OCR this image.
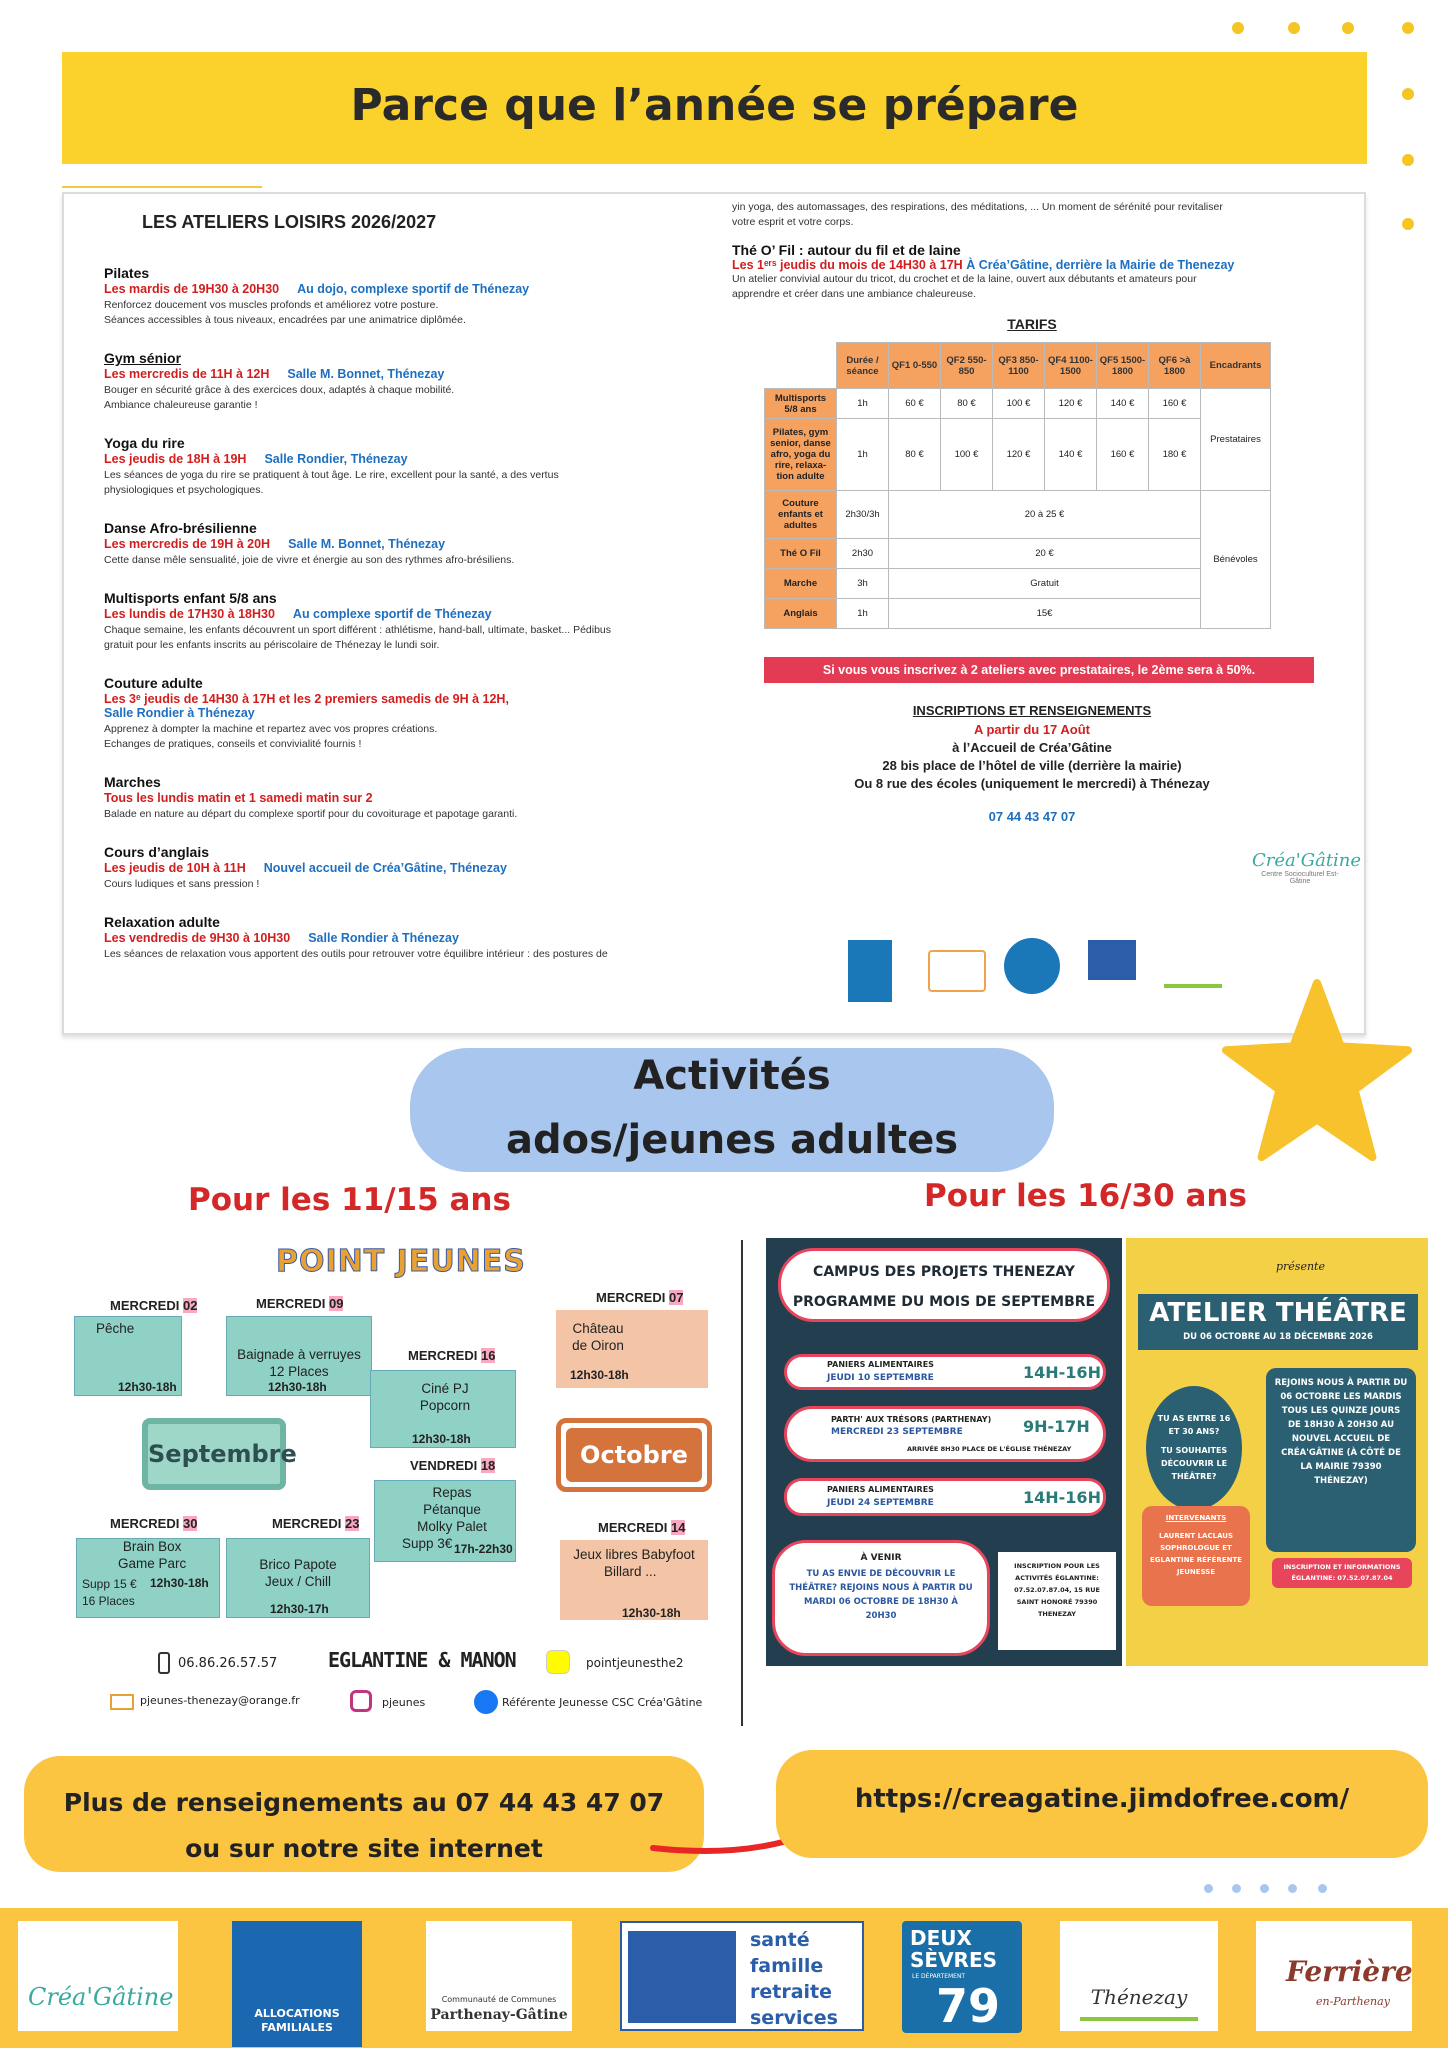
Parce que l’année se prépare
LES ATELIERS LOISIRS 2026/2027
Pilates
Les mardis de 19H30 à 20H30 Au dojo, complexe sportif de Thénezay
Renforcez doucement vos muscles profonds et améliorez votre posture.
Séances accessibles à tous niveaux, encadrées par une animatrice diplômée.
Gym sénior
Les mercredis de 11H à 12H Salle M. Bonnet, Thénezay
Bouger en sécurité grâce à des exercices doux, adaptés à chaque mobilité.
Ambiance chaleureuse garantie !
Yoga du rire
Les jeudis de 18H à 19H Salle Rondier, Thénezay
Les séances de yoga du rire se pratiquent à tout âge. Le rire, excellent pour la santé, a des vertus
physiologiques et psychologiques.
Danse Afro-brésilienne
Les mercredis de 19H à 20H Salle M. Bonnet, Thénezay
Cette danse mêle sensualité, joie de vivre et énergie au son des rythmes afro-brésiliens.
Multisports enfant 5/8 ans
Les lundis de 17H30 à 18H30 Au complexe sportif de Thénezay
Chaque semaine, les enfants découvrent un sport différent : athlétisme, hand-ball, ultimate, basket... Pédibus
gratuit pour les enfants inscrits au périscolaire de Thénezay le lundi soir.
Couture adulte
Les 3ᵉ jeudis de 14H30 à 17H et les 2 premiers samedis de 9H à 12H,
Salle Rondier à Thénezay
Apprenez à dompter la machine et repartez avec vos propres créations.
Echanges de pratiques, conseils et convivialité fournis !
Marches
Tous les lundis matin et 1 samedi matin sur 2
Balade en nature au départ du complexe sportif pour du covoiturage et papotage garanti.
Cours d’anglais
Les jeudis de 10H à 11H Nouvel accueil de Créa’Gâtine, Thénezay
Cours ludiques et sans pression !
Relaxation adulte
Les vendredis de 9H30 à 10H30 Salle Rondier à Thénezay
Les séances de relaxation vous apportent des outils pour retrouver votre équilibre intérieur : des postures de
yin yoga, des automassages, des respirations, des méditations, ... Un moment de sérénité pour revitaliser
votre esprit et votre corps.
Thé O’ Fil : autour du fil et de laine
Les 1ᵉʳˢ jeudis du mois de 14H30 à 17H À Créa’Gâtine, derrière la Mairie de Thenezay
Un atelier convivial autour du tricot, du crochet et de la laine, ouvert aux débutants et amateurs pour
apprendre et créer dans une ambiance chaleureuse.
TARIFS
	Durée / séance	QF1 0-550	QF2 550-850	QF3 850-1100	QF4 1100-1500	QF5 1500-1800	QF6 >à 1800	Encadrants
Multisports 5/8 ans	1h	60 €	80 €	100 €	120 €	140 €	160 €	Prestataires
Pilates, gym senior, danse afro, yoga du rire, relaxa-tion adulte	1h	80 €	100 €	120 €	140 €	160 €	180 €	
Couture enfants et adultes	2h30/3h	20 à 25 €						Bénévoles
Thé O Fil	2h30	20 €						
Marche	3h	Gratuit						
Anglais	1h	15€						
Si vous vous inscrivez à 2 ateliers avec prestataires, le 2ème sera à 50%.
INSCRIPTIONS ET RENSEIGNEMENTS
A partir du 17 Août
à l’Accueil de Créa’Gâtine
28 bis place de l’hôtel de ville (derrière la mairie)
Ou 8 rue des écoles (uniquement le mercredi) à Thénezay
07 44 43 47 07
Créa'Gâtine
Centre Socioculturel Est-Gâtine
Activités
ados/jeunes adultes
Pour les 11/15 ans	Pour les 16/30 ans
POINT JEUNES
MERCREDI 02
Pêche
12h30-18h
MERCREDI 09
Baignade à verruyes
12 Places
12h30-18h
MERCREDI 16
Ciné PJ
Popcorn
12h30-18h
Septembre	VENDREDI 18
Repas
Pétanque
Molky Palet
Supp 3€ 17h-22h30
MERCREDI 30
Brain Box
Game Parc
Supp 15 €
16 Places
12h30-18h
MERCREDI 23
Brico Papote
Jeux / Chill
12h30-17h
MERCREDI 07
Château
de Oiron
12h30-18h
Octobre
MERCREDI 14
Jeux libres Babyfoot
Billard ...
12h30-18h
06.86.26.57.57	EGLANTINE & MANON	pointjeunesthe2
pjeunes-thenezay@orange.fr	pjeunes	Référente Jeunesse CSC Créa'Gâtine
CAMPUS DES PROJETS THENEZAY
PROGRAMME DU MOIS DE SEPTEMBRE
PANIERS ALIMENTAIRES
JEUDI 10 SEPTEMBRE	14H-16H
PARTH' AUX TRÉSORS (PARTHENAY)
MERCREDI 23 SEPTEMBRE	9H-17H
ARRIVÉE 8H30 PLACE DE L'ÉGLISE THÉNEZAY
PANIERS ALIMENTAIRES
JEUDI 24 SEPTEMBRE	14H-16H
À VENIR
TU AS ENVIE DE DÉCOUVRIR LE THÉÂTRE? REJOINS NOUS À PARTIR DU MARDI 06 OCTOBRE DE 18H30 À 20H30
INSCRIPTION POUR LES ACTIVITÉS ÉGLANTINE: 07.52.07.87.04, 15 RUE SAINT HONORÉ 79390 THENEZAY
présente
ATELIER THÉÂTRE
DU 06 OCTOBRE AU 18 DÉCEMBRE 2026
TU AS ENTRE 16 ET 30 ANS?
TU SOUHAITES DÉCOUVRIR LE THÉÂTRE?
REJOINS NOUS À PARTIR DU 06 OCTOBRE LES MARDIS TOUS LES QUINZE JOURS DE 18H30 À 20H30 AU NOUVEL ACCUEIL DE CRÉA'GÂTINE (À CÔTÉ DE LA MAIRIE 79390 THÉNEZAY)
INTERVENANTS
LAURENT LACLAUS SOPHROLOGUE ET EGLANTINE RÉFÉRENTE JEUNESSE
INSCRIPTION ET INFORMATIONS ÉGLANTINE: 07.52.07.87.04
Plus de renseignements au 07 44 43 47 07
ou sur notre site internet
https://creagatine.jimdofree.com/
Créa'Gâtine
ALLOCATIONS
FAMILIALES
Communauté de Communes
Parthenay-Gâtine
santé
famille
retraite
services
DEUX
SÈVRES
LE DÉPARTEMENT
79	Thénezay
Ferrière
en-Parthenay
